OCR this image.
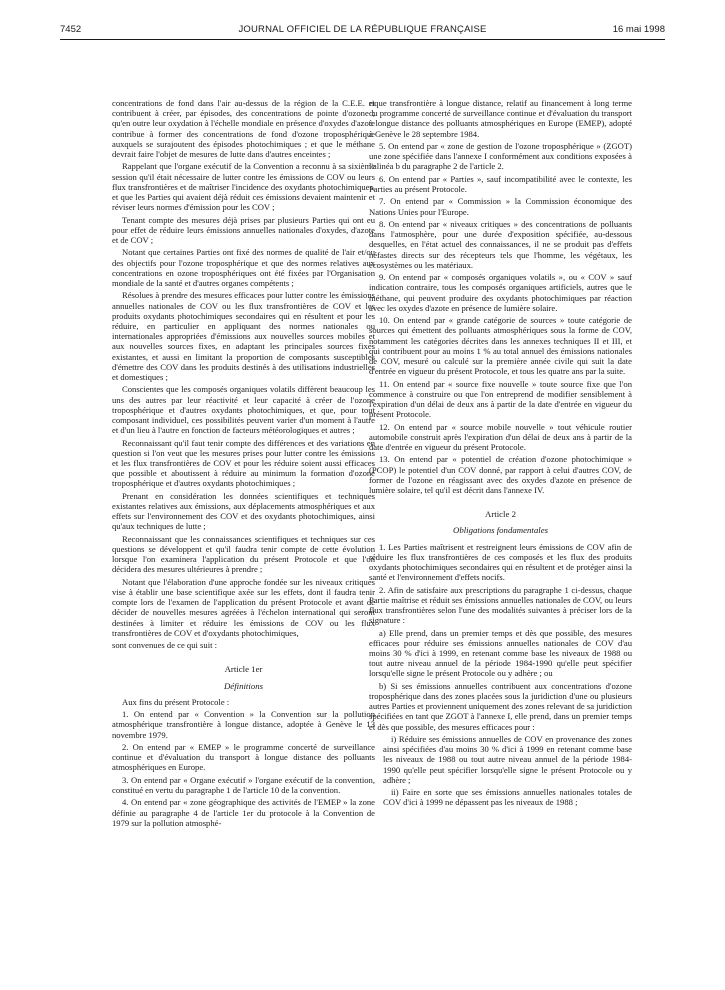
7452	JOURNAL OFFICIEL DE LA RÉPUBLIQUE FRANÇAISE	16 mai 1998

concentrations de fond dans l'air au-dessus de la région de la C.E.E. et contribuent à créer, par épisodes, des concentrations de pointe d'ozone ; qu'en outre leur oxydation à l'échelle mondiale en présence d'oxydes d'azote contribue à former des concentrations de fond d'ozone troposphérique auxquels se surajoutent des épisodes photochimiques ; et que le méthane devrait faire l'objet de mesures de lutte dans d'autres enceintes ;

Rappelant que l'organe exécutif de la Convention a reconnu à sa sixième session qu'il était nécessaire de lutter contre les émissions de COV ou leurs flux transfrontières et de maîtriser l'incidence des oxydants photochimiques, et que les Parties qui avaient déjà réduit ces émissions devaient maintenir et réviser leurs normes d'émission pour les COV ;

Tenant compte des mesures déjà prises par plusieurs Parties qui ont eu pour effet de réduire leurs émissions annuelles nationales d'oxydes, d'azote et de COV ;

Notant que certaines Parties ont fixé des normes de qualité de l'air et/ou des objectifs pour l'ozone troposphérique et que des normes relatives aux concentrations en ozone troposphériques ont été fixées par l'Organisation mondiale de la santé et d'autres organes compétents ;

Résolues à prendre des mesures efficaces pour lutter contre les émissions annuelles nationales de COV ou les flux transfrontières de COV et les produits oxydants photochimiques secondaires qui en résultent et pour les réduire, en particulier en appliquant des normes nationales ou internationales appropriées d'émissions aux nouvelles sources mobiles et aux nouvelles sources fixes, en adaptant les principales sources fixes existantes, et aussi en limitant la proportion de composants susceptibles d'émettre des COV dans les produits destinés à des utilisations industrielles et domestiques ;

Conscientes que les composés organiques volatils diffèrent beaucoup les uns des autres par leur réactivité et leur capacité à créer de l'ozone troposphérique et d'autres oxydants photochimiques, et que, pour tout composant individuel, ces possibilités peuvent varier d'un moment à l'autre et d'un lieu à l'autre en fonction de facteurs météorologiques et autres ;

Reconnaissant qu'il faut tenir compte des différences et des variations en question si l'on veut que les mesures prises pour lutter contre les émissions et les flux transfrontières de COV et pour les réduire soient aussi efficaces que possible et aboutissent à réduire au minimum la formation d'ozone troposphérique et d'autres oxydants photochimiques ;

Prenant en considération les données scientifiques et techniques existantes relatives aux émissions, aux déplacements atmosphériques et aux effets sur l'environnement des COV et des oxydants photochimiques, ainsi qu'aux techniques de lutte ;

Reconnaissant que les connaissances scientifiques et techniques sur ces questions se développent et qu'il faudra tenir compte de cette évolution lorsque l'on examinera l'application du présent Protocole et que l'on décidera des mesures ultérieures à prendre ;

Notant que l'élaboration d'une approche fondée sur les niveaux critiques vise à établir une base scientifique axée sur les effets, dont il faudra tenir compte lors de l'examen de l'application du présent Protocole et avant de décider de nouvelles mesures agréées à l'échelon international qui seront destinées à limiter et réduire les émissions de COV ou les flux transfrontières de COV et d'oxydants photochimiques,

sont convenues de ce qui suit :

Article 1er

Définitions

Aux fins du présent Protocole :

1. On entend par « Convention » la Convention sur la pollution atmosphérique transfrontière à longue distance, adoptée à Genève le 13 novembre 1979.

2. On entend par « EMEP » le programme concerté de surveillance continue et d'évaluation du transport à longue distance des polluants atmosphériques en Europe.

3. On entend par « Organe exécutif » l'organe exécutif de la convention, constitué en vertu du paragraphe 1 de l'article 10 de la convention.

4. On entend par « zone géographique des activités de l'EMEP » la zone définie au paragraphe 4 de l'article 1er du protocole à la Convention de 1979 sur la pollution atmosphé-

rique transfrontière à longue distance, relatif au financement à long terme du programme concerté de surveillance continue et d'évaluation du transport à longue distance des polluants atmosphériques en Europe (EMEP), adopté à Genève le 28 septembre 1984.

5. On entend par « zone de gestion de l'ozone troposphérique » (ZGOT) une zone spécifiée dans l'annexe I conformément aux conditions exposées à l'alinéa b du paragraphe 2 de l'article 2.

6. On entend par « Parties », sauf incompatibilité avec le contexte, les Parties au présent Protocole.

7. On entend par « Commission » la Commission économique des Nations Unies pour l'Europe.

8. On entend par « niveaux critiques » des concentrations de polluants dans l'atmosphère, pour une durée d'exposition spécifiée, au-dessous desquelles, en l'état actuel des connaissances, il ne se produit pas d'effets néfastes directs sur des récepteurs tels que l'homme, les végétaux, les écosystèmes ou les matériaux.

9. On entend par « composés organiques volatils », ou « COV » sauf indication contraire, tous les composés organiques artificiels, autres que le méthane, qui peuvent produire des oxydants photochimiques par réaction avec les oxydes d'azote en présence de lumière solaire.

10. On entend par « grande catégorie de sources » toute catégorie de sources qui émettent des polluants atmosphériques sous la forme de COV, notamment les catégories décrites dans les annexes techniques II et III, et qui contribuent pour au moins 1 % au total annuel des émissions nationales de COV, mesuré ou calculé sur la première année civile qui suit la date d'entrée en vigueur du présent Protocole, et tous les quatre ans par la suite.

11. On entend par « source fixe nouvelle » toute source fixe que l'on commence à construire ou que l'on entreprend de modifier sensiblement à l'expiration d'un délai de deux ans à partir de la date d'entrée en vigueur du présent Protocole.

12. On entend par « source mobile nouvelle » tout véhicule routier automobile construit après l'expiration d'un délai de deux ans à partir de la date d'entrée en vigueur du présent Protocole.

13. On entend par « potentiel de création d'ozone photochimique » (PCOP) le potentiel d'un COV donné, par rapport à celui d'autres COV, de former de l'ozone en réagissant avec des oxydes d'azote en présence de lumière solaire, tel qu'il est décrit dans l'annexe IV.

Article 2

Obligations fondamentales

1. Les Parties maîtrisent et restreignent leurs émissions de COV afin de réduire les flux transfrontières de ces composés et les flux des produits oxydants photochimiques secondaires qui en résultent et de protéger ainsi la santé et l'environnement d'effets nocifs.

2. Afin de satisfaire aux prescriptions du paragraphe 1 ci-dessus, chaque Partie maîtrise et réduit ses émissions annuelles nationales de COV, ou leurs flux transfrontières selon l'une des modalités suivantes à préciser lors de la signature :

a) Elle prend, dans un premier temps et dès que possible, des mesures efficaces pour réduire ses émissions annuelles nationales de COV d'au moins 30 % d'ici à 1999, en retenant comme base les niveaux de 1988 ou tout autre niveau annuel de la période 1984-1990 qu'elle peut spécifier lorsqu'elle signe le présent Protocole ou y adhère ; ou

b) Si ses émissions annuelles contribuent aux concentrations d'ozone troposphérique dans des zones placées sous la juridiction d'une ou plusieurs autres Parties et proviennent uniquement des zones relevant de sa juridiction spécifiées en tant que ZGOT à l'annexe I, elle prend, dans un premier temps et dès que possible, des mesures efficaces pour :

i) Réduire ses émissions annuelles de COV en provenance des zones ainsi spécifiées d'au moins 30 % d'ici à 1999 en retenant comme base les niveaux de 1988 ou tout autre niveau annuel de la période 1984-1990 qu'elle peut spécifier lorsqu'elle signe le présent Protocole ou y adhère ;

ii) Faire en sorte que ses émissions annuelles nationales totales de COV d'ici à 1999 ne dépassent pas les niveaux de 1988 ;
